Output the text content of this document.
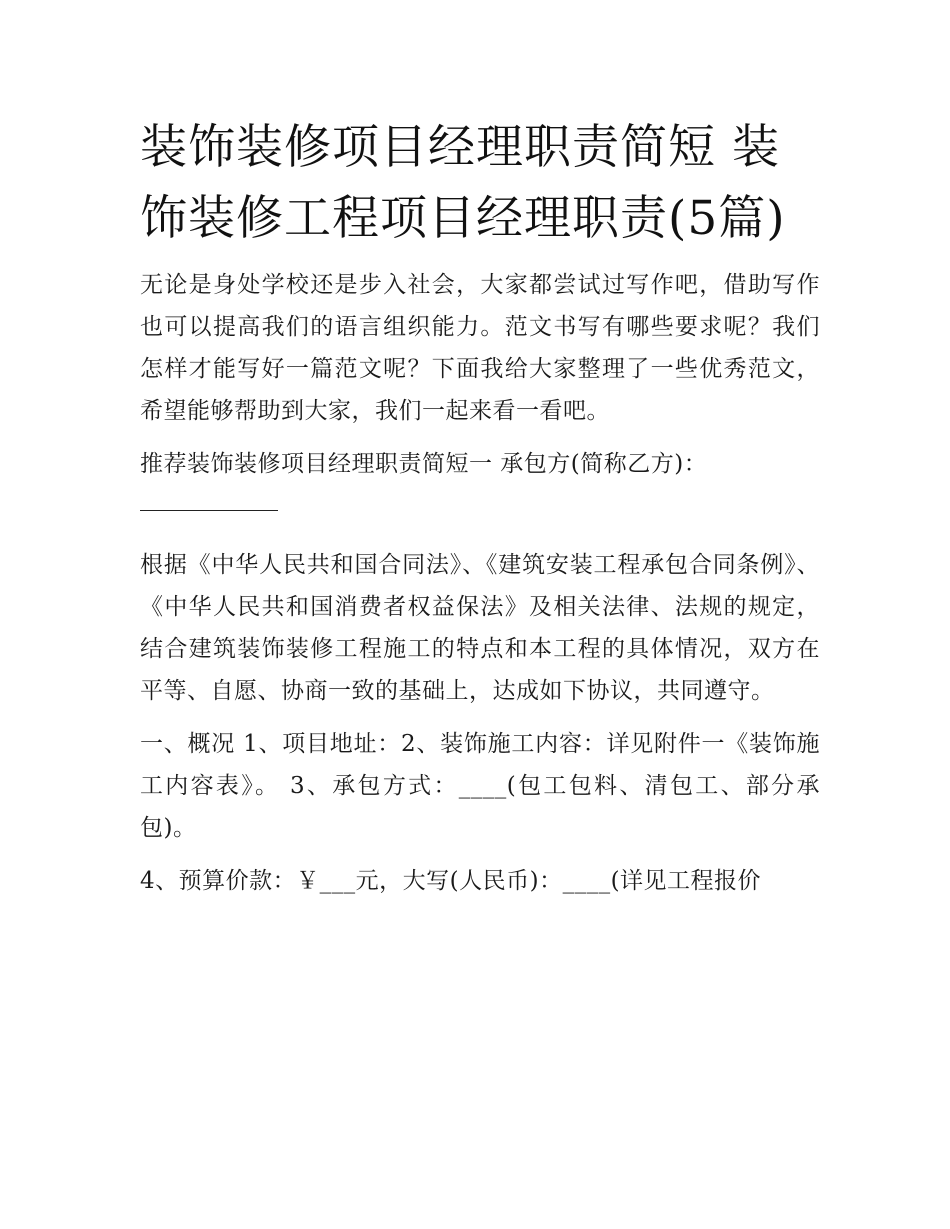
装饰装修项目经理职责简短 装饰装修工程项目经理职责(5篇)

无论是身处学校还是步入社会，大家都尝试过写作吧，借助写作也可以提高我们的语言组织能力。范文书写有哪些要求呢？我们怎样才能写好一篇范文呢？下面我给大家整理了一些优秀范文，希望能够帮助到大家，我们一起来看一看吧。

推荐装饰装修项目经理职责简短一 承包方(简称乙方)：

根据《中华人民共和国合同法》、《建筑安装工程承包合同条例》、《中华人民共和国消费者权益保法》及相关法律、法规的规定，结合建筑装饰装修工程施工的特点和本工程的具体情况，双方在平等、自愿、协商一致的基础上，达成如下协议，共同遵守。

一、概况 1、项目地址：2、装饰施工内容：详见附件一《装饰施工内容表》。 3、承包方式：____(包工包料、清包工、部分承包)。

4、预算价款：￥___元，大写(人民币)：____(详见工程报价
